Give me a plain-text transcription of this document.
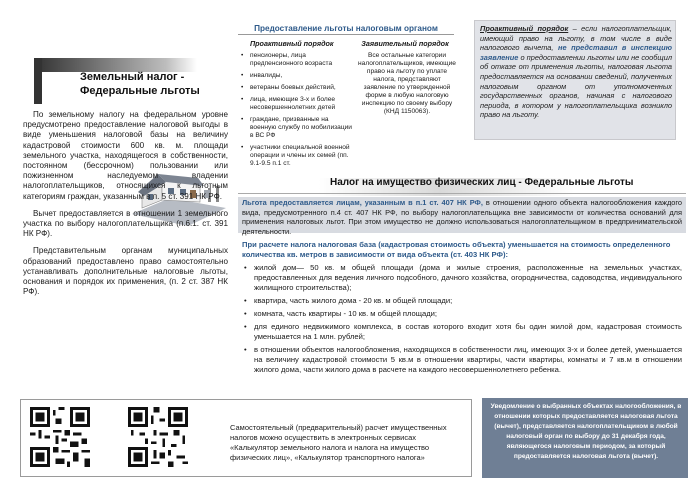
Земельный налог -
Федеральные льготы

По земельному налогу на федеральном уровне предусмотрено предоставление налоговой выгоды в виде уменьшения налоговой базы на величину кадастровой стоимости 600 кв. м. площади земельного участка, находящегося в собственности, постоянном (бессрочном) пользовании или пожизненном наследуемом владении налогоплательщиков, относящихся к льготным категориям граждан, указанным в п. 5 ст. 391 НК РФ.

Вычет предоставляется в отношении 1 земельного участка по выбору налогоплательщика (п.6.1. ст. 391 НК РФ).

Представительным органам муниципальных образований предоставлено право самостоятельно устанавливать дополнительные налоговые льготы, основания и порядок их применения, (п. 2 ст. 387 НК РФ).

Предоставление льготы налоговым органом
Проактивный порядок	Заявительный порядок
• пенсионеры, лица предпенсионного возраста
• инвалиды,
• ветераны боевых действий,
• лица, имеющие 3-х и более несовершеннолетних детей
• граждане, призванные на военную службу по мобилизации в ВС РФ
• участники специальной военной операции и члены их семей (пп. 9.1-9.5 п.1 ст.
Все остальные категории налогоплательщиков, имеющие право на льготу по уплате налога, представляют заявление по утвержденной форме в любую налоговую инспекцию по своему выбору (КНД 1150063).
Проактивный порядок – если налогоплательщик, имеющий право на льготу, в том числе в виде налогового вычета, не представил в инспекцию заявление о предоставлении льготы или не сообщил об отказе от применения льготы, налоговая льгота предоставляется на основании сведений, полученных налоговым органом от уполномоченных государственных органов, начиная с налогового периода, в котором у налогоплательщика возникло право на льготу.
Налог на имущество физических лиц - Федеральные льготы
Льгота предоставляется лицам, указанным в п.1 ст. 407 НК РФ, в отношении одного объекта налогообложения каждого вида, предусмотренного п.4 ст. 407 НК РФ, по выбору налогоплательщика вне зависимости от количества оснований для применения налоговых льгот. При этом имущество не должно использоваться налогоплательщиком в предпринимательской деятельности.
При расчете налога налоговая база (кадастровая стоимость объекта) уменьшается на стоимость определенного количества кв. метров в зависимости от вида объекта (ст. 403 НК РФ):
• жилой дом— 50 кв. м общей площади (дома и жилые строения, расположенные на земельных участках, предоставленных для ведения личного подсобного, дачного хозяйства, огородничества, садоводства, индивидуального жилищного строительства);
• квартира, часть жилого дома - 20 кв. м общей площади;
• комната, часть квартиры - 10 кв. м общей площади;
• для единого недвижимого комплекса, в состав которого входит хотя бы один жилой дом, кадастровая стоимость уменьшается на 1 млн. рублей;
• в отношении объектов налогообложения, находящихся в собственности лиц, имеющих 3-х и более детей, уменьшается на величину кадастровой стоимости 5 кв.м в отношении квартиры, части квартиры, комнаты и 7 кв.м в отношении жилого дома, части жилого дома в расчете на каждого несовершеннолетнего ребенка.
Самостоятельный (предварительный) расчет имущественных налогов можно осуществить в электронных сервисах «Калькулятор земельного налога и налога на имущество физических лиц», «Калькулятор транспортного налога»
Уведомление о выбранных объектах налогообложения, в отношении которых предоставляется налоговая льгота (вычет), представляется налогоплательщиком в любой налоговый орган по выбору до 31 декабря года, являющегося налоговым периодом, за который предоставляется налоговая льгота (вычет).
